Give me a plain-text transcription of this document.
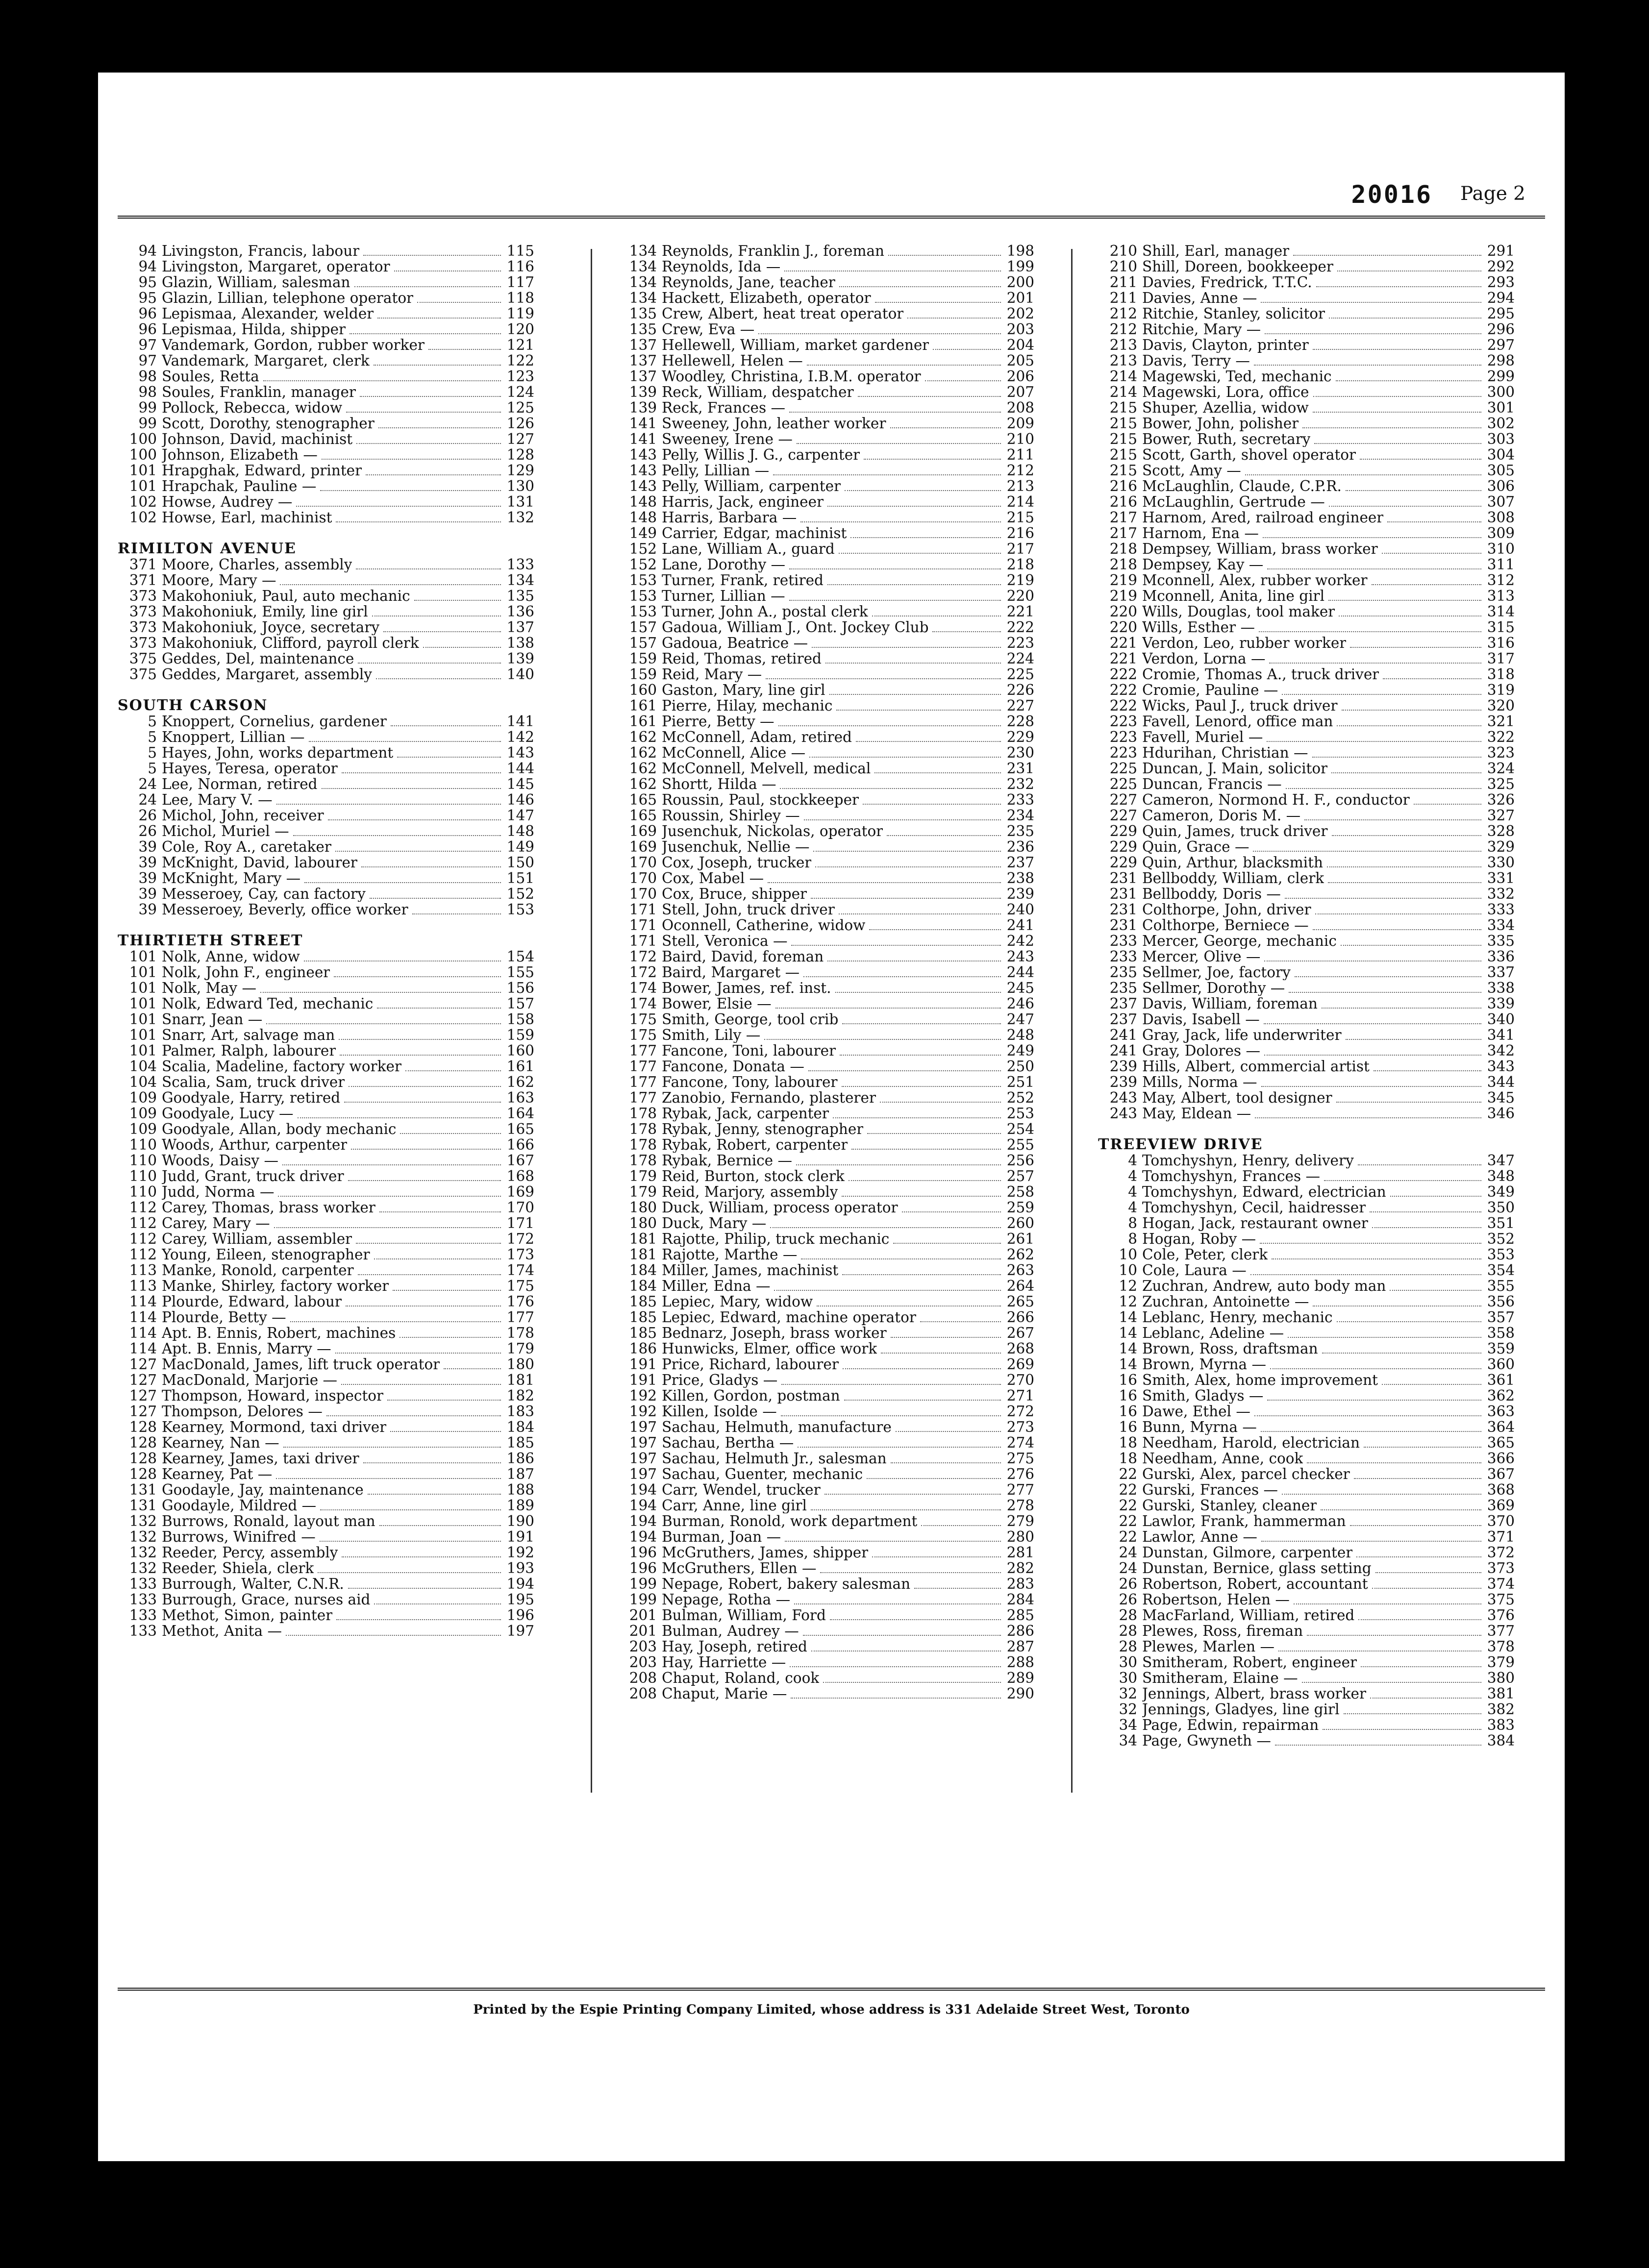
20016 Page 2
94 Livingston, Francis, labour	115
94 Livingston, Margaret, operator	116
95 Glazin, William, salesman	117
95 Glazin, Lillian, telephone operator	118
96 Lepismaa, Alexander, welder	119
96 Lepismaa, Hilda, shipper	120
97 Vandemark, Gordon, rubber worker	121
97 Vandemark, Margaret, clerk	122
98 Soules, Retta	123
98 Soules, Franklin, manager	124
99 Pollock, Rebecca, widow	125
99 Scott, Dorothy, stenographer	126
100 Johnson, David, machinist	127
100 Johnson, Elizabeth —	128
101 Hrapghak, Edward, printer	129
101 Hrapchak, Pauline —	130
102 Howse, Audrey —	131
102 Howse, Earl, machinist	132
RIMILTON AVENUE
371 Moore, Charles, assembly	133
371 Moore, Mary —	134
373 Makohoniuk, Paul, auto mechanic	135
373 Makohoniuk, Emily, line girl	136
373 Makohoniuk, Joyce, secretary	137
373 Makohoniuk, Clifford, payroll clerk	138
375 Geddes, Del, maintenance	139
375 Geddes, Margaret, assembly	140
SOUTH CARSON
5 Knoppert, Cornelius, gardener	141
5 Knoppert, Lillian —	142
5 Hayes, John, works department	143
5 Hayes, Teresa, operator	144
24 Lee, Norman, retired	145
24 Lee, Mary V. —	146
26 Michol, John, receiver	147
26 Michol, Muriel —	148
39 Cole, Roy A., caretaker	149
39 McKnight, David, labourer	150
39 McKnight, Mary —	151
39 Messeroey, Cay, can factory	152
39 Messeroey, Beverly, office worker	153
THIRTIETH STREET
101 Nolk, Anne, widow	154
101 Nolk, John F., engineer	155
101 Nolk, May —	156
101 Nolk, Edward Ted, mechanic	157
101 Snarr, Jean —	158
101 Snarr, Art, salvage man	159
101 Palmer, Ralph, labourer	160
104 Scalia, Madeline, factory worker	161
104 Scalia, Sam, truck driver	162
109 Goodyale, Harry, retired	163
109 Goodyale, Lucy —	164
109 Goodyale, Allan, body mechanic	165
110 Woods, Arthur, carpenter	166
110 Woods, Daisy —	167
110 Judd, Grant, truck driver	168
110 Judd, Norma —	169
112 Carey, Thomas, brass worker	170
112 Carey, Mary —	171
112 Carey, William, assembler	172
112 Young, Eileen, stenographer	173
113 Manke, Ronold, carpenter	174
113 Manke, Shirley, factory worker	175
114 Plourde, Edward, labour	176
114 Plourde, Betty —	177
114 Apt. B. Ennis, Robert, machines	178
114 Apt. B. Ennis, Marry —	179
127 MacDonald, James, lift truck operator	180
127 MacDonald, Marjorie —	181
127 Thompson, Howard, inspector	182
127 Thompson, Delores —	183
128 Kearney, Mormond, taxi driver	184
128 Kearney, Nan —	185
128 Kearney, James, taxi driver	186
128 Kearney, Pat —	187
131 Goodayle, Jay, maintenance	188
131 Goodayle, Mildred —	189
132 Burrows, Ronald, layout man	190
132 Burrows, Winifred —	191
132 Reeder, Percy, assembly	192
132 Reeder, Shiela, clerk	193
133 Burrough, Walter, C.N.R.	194
133 Burrough, Grace, nurses aid	195
133 Methot, Simon, painter	196
133 Methot, Anita —	197
134 Reynolds, Franklin J., foreman	198
134 Reynolds, Ida —	199
134 Reynolds, Jane, teacher	200
134 Hackett, Elizabeth, operator	201
135 Crew, Albert, heat treat operator	202
135 Crew, Eva —	203
137 Hellewell, William, market gardener	204
137 Hellewell, Helen —	205
137 Woodley, Christina, I.B.M. operator	206
139 Reck, William, despatcher	207
139 Reck, Frances —	208
141 Sweeney, John, leather worker	209
141 Sweeney, Irene —	210
143 Pelly, Willis J. G., carpenter	211
143 Pelly, Lillian —	212
143 Pelly, William, carpenter	213
148 Harris, Jack, engineer	214
148 Harris, Barbara —	215
149 Carrier, Edgar, machinist	216
152 Lane, William A., guard	217
152 Lane, Dorothy —	218
153 Turner, Frank, retired	219
153 Turner, Lillian —	220
153 Turner, John A., postal clerk	221
157 Gadoua, William J., Ont. Jockey Club	222
157 Gadoua, Beatrice —	223
159 Reid, Thomas, retired	224
159 Reid, Mary —	225
160 Gaston, Mary, line girl	226
161 Pierre, Hilay, mechanic	227
161 Pierre, Betty —	228
162 McConnell, Adam, retired	229
162 McConnell, Alice —	230
162 McConnell, Melvell, medical	231
162 Shortt, Hilda —	232
165 Roussin, Paul, stockkeeper	233
165 Roussin, Shirley —	234
169 Jusenchuk, Nickolas, operator	235
169 Jusenchuk, Nellie —	236
170 Cox, Joseph, trucker	237
170 Cox, Mabel —	238
170 Cox, Bruce, shipper	239
171 Stell, John, truck driver	240
171 Oconnell, Catherine, widow	241
171 Stell, Veronica —	242
172 Baird, David, foreman	243
172 Baird, Margaret —	244
174 Bower, James, ref. inst.	245
174 Bower, Elsie —	246
175 Smith, George, tool crib	247
175 Smith, Lily —	248
177 Fancone, Toni, labourer	249
177 Fancone, Donata —	250
177 Fancone, Tony, labourer	251
177 Zanobio, Fernando, plasterer	252
178 Rybak, Jack, carpenter	253
178 Rybak, Jenny, stenographer	254
178 Rybak, Robert, carpenter	255
178 Rybak, Bernice —	256
179 Reid, Burton, stock clerk	257
179 Reid, Marjory, assembly	258
180 Duck, William, process operator	259
180 Duck, Mary —	260
181 Rajotte, Philip, truck mechanic	261
181 Rajotte, Marthe —	262
184 Miller, James, machinist	263
184 Miller, Edna —	264
185 Lepiec, Mary, widow	265
185 Lepiec, Edward, machine operator	266
185 Bednarz, Joseph, brass worker	267
186 Hunwicks, Elmer, office work	268
191 Price, Richard, labourer	269
191 Price, Gladys —	270
192 Killen, Gordon, postman	271
192 Killen, Isolde —	272
197 Sachau, Helmuth, manufacture	273
197 Sachau, Bertha —	274
197 Sachau, Helmuth Jr., salesman	275
197 Sachau, Guenter, mechanic	276
194 Carr, Wendel, trucker	277
194 Carr, Anne, line girl	278
194 Burman, Ronold, work department	279
194 Burman, Joan —	280
196 McGruthers, James, shipper	281
196 McGruthers, Ellen —	282
199 Nepage, Robert, bakery salesman	283
199 Nepage, Rotha —	284
201 Bulman, William, Ford	285
201 Bulman, Audrey —	286
203 Hay, Joseph, retired	287
203 Hay, Harriette —	288
208 Chaput, Roland, cook	289
208 Chaput, Marie —	290
210 Shill, Earl, manager	291
210 Shill, Doreen, bookkeeper	292
211 Davies, Fredrick, T.T.C.	293
211 Davies, Anne —	294
212 Ritchie, Stanley, solicitor	295
212 Ritchie, Mary —	296
213 Davis, Clayton, printer	297
213 Davis, Terry —	298
214 Magewski, Ted, mechanic	299
214 Magewski, Lora, office	300
215 Shuper, Azellia, widow	301
215 Bower, John, polisher	302
215 Bower, Ruth, secretary	303
215 Scott, Garth, shovel operator	304
215 Scott, Amy —	305
216 McLaughlin, Claude, C.P.R.	306
216 McLaughlin, Gertrude —	307
217 Harnom, Ared, railroad engineer	308
217 Harnom, Ena —	309
218 Dempsey, William, brass worker	310
218 Dempsey, Kay —	311
219 Mconnell, Alex, rubber worker	312
219 Mconnell, Anita, line girl	313
220 Wills, Douglas, tool maker	314
220 Wills, Esther —	315
221 Verdon, Leo, rubber worker	316
221 Verdon, Lorna —	317
222 Cromie, Thomas A., truck driver	318
222 Cromie, Pauline —	319
222 Wicks, Paul J., truck driver	320
223 Favell, Lenord, office man	321
223 Favell, Muriel —	322
223 Hdurihan, Christian —	323
225 Duncan, J. Main, solicitor	324
225 Duncan, Francis —	325
227 Cameron, Normond H. F., conductor	326
227 Cameron, Doris M. —	327
229 Quin, James, truck driver	328
229 Quin, Grace —	329
229 Quin, Arthur, blacksmith	330
231 Bellboddy, William, clerk	331
231 Bellboddy, Doris —	332
231 Colthorpe, John, driver	333
231 Colthorpe, Berniece —	334
233 Mercer, George, mechanic	335
233 Mercer, Olive —	336
235 Sellmer, Joe, factory	337
235 Sellmer, Dorothy —	338
237 Davis, William, foreman	339
237 Davis, Isabell —	340
241 Gray, Jack, life underwriter	341
241 Gray, Dolores —	342
239 Hills, Albert, commercial artist	343
239 Mills, Norma —	344
243 May, Albert, tool designer	345
243 May, Eldean —	346
TREEVIEW DRIVE
4 Tomchyshyn, Henry, delivery	347
4 Tomchyshyn, Frances —	348
4 Tomchyshyn, Edward, electrician	349
4 Tomchyshyn, Cecil, haidresser	350
8 Hogan, Jack, restaurant owner	351
8 Hogan, Roby —	352
10 Cole, Peter, clerk	353
10 Cole, Laura —	354
12 Zuchran, Andrew, auto body man	355
12 Zuchran, Antoinette —	356
14 Leblanc, Henry, mechanic	357
14 Leblanc, Adeline —	358
14 Brown, Ross, draftsman	359
14 Brown, Myrna —	360
16 Smith, Alex, home improvement	361
16 Smith, Gladys —	362
16 Dawe, Ethel —	363
16 Bunn, Myrna —	364
18 Needham, Harold, electrician	365
18 Needham, Anne, cook	366
22 Gurski, Alex, parcel checker	367
22 Gurski, Frances —	368
22 Gurski, Stanley, cleaner	369
22 Lawlor, Frank, hammerman	370
22 Lawlor, Anne —	371
24 Dunstan, Gilmore, carpenter	372
24 Dunstan, Bernice, glass setting	373
26 Robertson, Robert, accountant	374
26 Robertson, Helen —	375
28 MacFarland, William, retired	376
28 Plewes, Ross, fireman	377
28 Plewes, Marlen —	378
30 Smitheram, Robert, engineer	379
30 Smitheram, Elaine —	380
32 Jennings, Albert, brass worker	381
32 Jennings, Gladyes, line girl	382
34 Page, Edwin, repairman	383
34 Page, Gwyneth —	384
Printed by the Espie Printing Company Limited, whose address is 331 Adelaide Street West, Toronto
